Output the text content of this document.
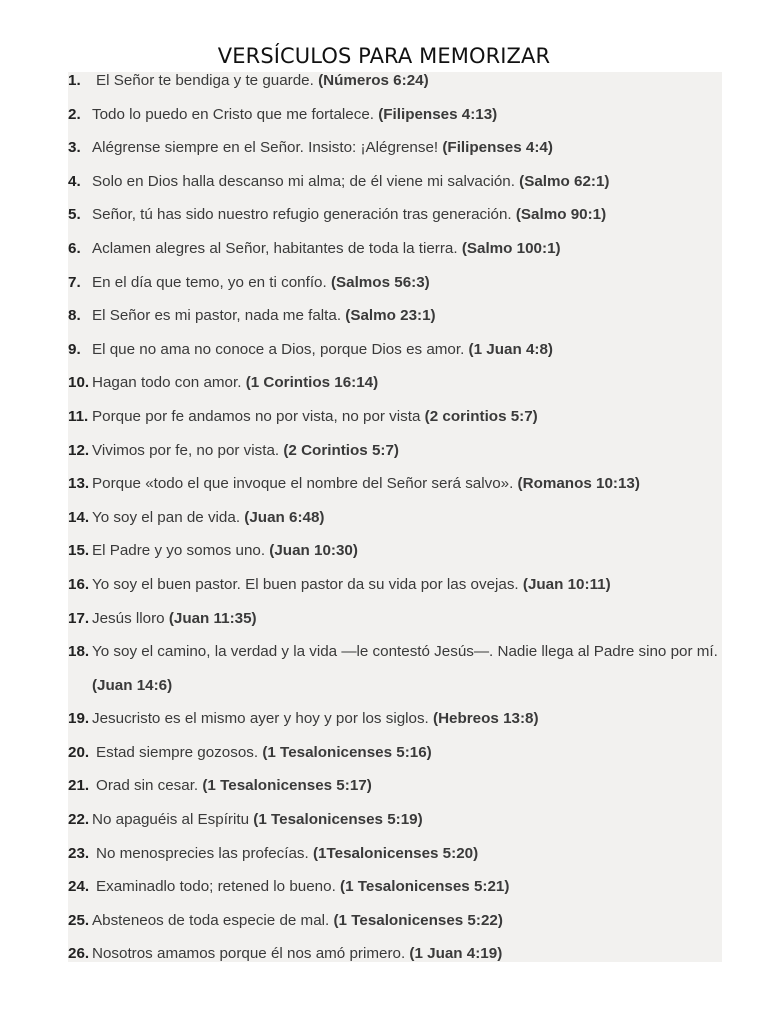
VERSÍCULOS PARA MEMORIZAR
1.	El Señor te bendiga y te guarde. (Números 6:24)
2. Todo lo puedo en Cristo que me fortalece. (Filipenses 4:13)
3. Alégrense siempre en el Señor. Insisto: ¡Alégrense! (Filipenses 4:4)
4. Solo en Dios halla descanso mi alma; de él viene mi salvación. (Salmo 62:1)
5. Señor, tú has sido nuestro refugio generación tras generación. (Salmo 90:1)
6. Aclamen alegres al Señor, habitantes de toda la tierra. (Salmo 100:1)
7. En el día que temo, yo en ti confío. (Salmos 56:3)
8. El Señor es mi pastor, nada me falta. (Salmo 23:1)
9. El que no ama no conoce a Dios, porque Dios es amor. (1 Juan 4:8)
10. Hagan todo con amor. (1 Corintios 16:14)
11. Porque por fe andamos no por vista, no por vista (2 corintios 5:7)
12. Vivimos por fe, no por vista. (2 Corintios 5:7)
13. Porque «todo el que invoque el nombre del Señor será salvo». (Romanos 10:13)
14. Yo soy el pan de vida. (Juan 6:48)
15. El Padre y yo somos uno. (Juan 10:30)
16. Yo soy el buen pastor. El buen pastor da su vida por las ovejas. (Juan 10:11)
17. Jesús lloro (Juan 11:35)
18. Yo soy el camino, la verdad y la vida —le contestó Jesús—. Nadie llega al Padre sino por mí. (Juan 14:6)
19. Jesucristo es el mismo ayer y hoy y por los siglos. (Hebreos 13:8)
20. Estad siempre gozosos. (1 Tesalonicenses 5:16)
21. Orad sin cesar. (1 Tesalonicenses 5:17)
22. No apaguéis al Espíritu (1 Tesalonicenses 5:19)
23. No menosprecies las profecías. (1Tesalonicenses 5:20)
24. Examinadlo todo; retened lo bueno. (1 Tesalonicenses 5:21)
25. Absteneos de toda especie de mal. (1 Tesalonicenses 5:22)
26. Nosotros amamos porque él nos amó primero. (1 Juan 4:19)
